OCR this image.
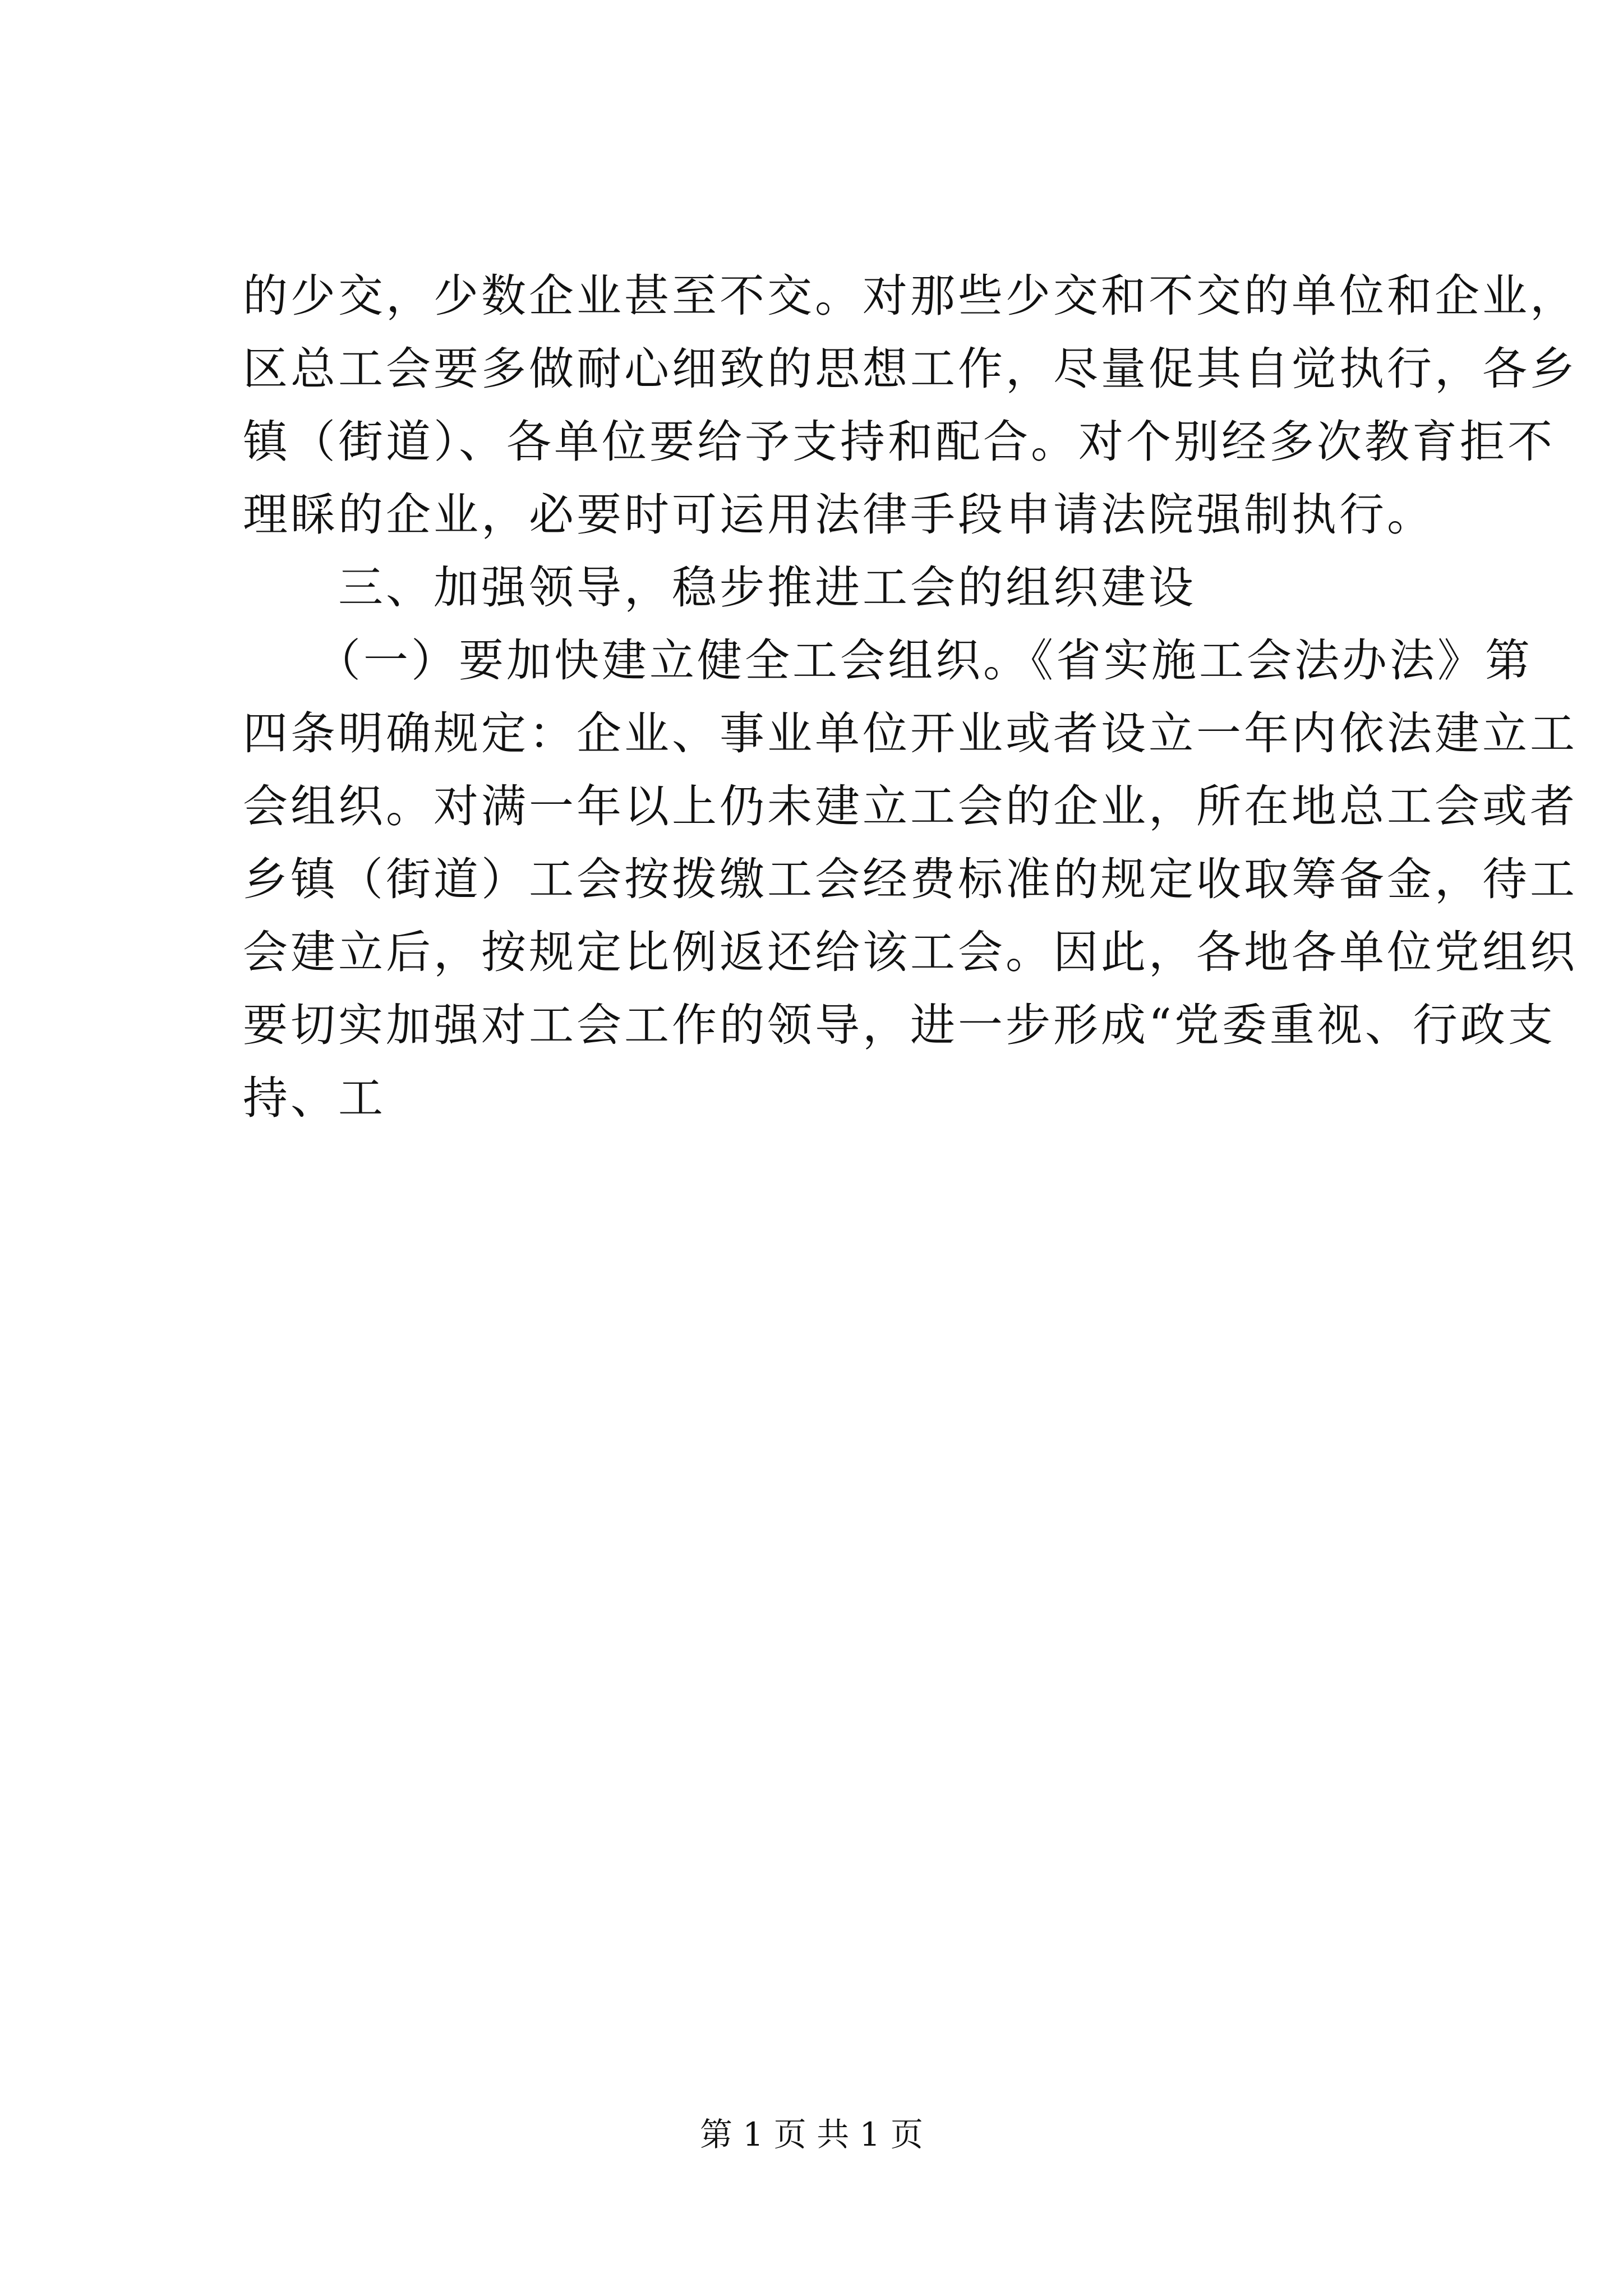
的少交，少数企业甚至不交。对那些少交和不交的单位和企业，
区总工会要多做耐心细致的思想工作，尽量促其自觉执行，各乡
镇（街道）、各单位要给予支持和配合。对个别经多次教育拒不
理睬的企业，必要时可运用法律手段申请法院强制执行。
　　三、加强领导，稳步推进工会的组织建设
　　（一）要加快建立健全工会组织。《省实施工会法办法》第
四条明确规定：企业、事业单位开业或者设立一年内依法建立工
会组织。对满一年以上仍未建立工会的企业，所在地总工会或者
乡镇（街道）工会按拨缴工会经费标准的规定收取筹备金，待工
会建立后，按规定比例返还给该工会。因此，各地各单位党组织
要切实加强对工会工作的领导，进一步形成“党委重视、行政支
持、工
第 1 页 共 1 页
